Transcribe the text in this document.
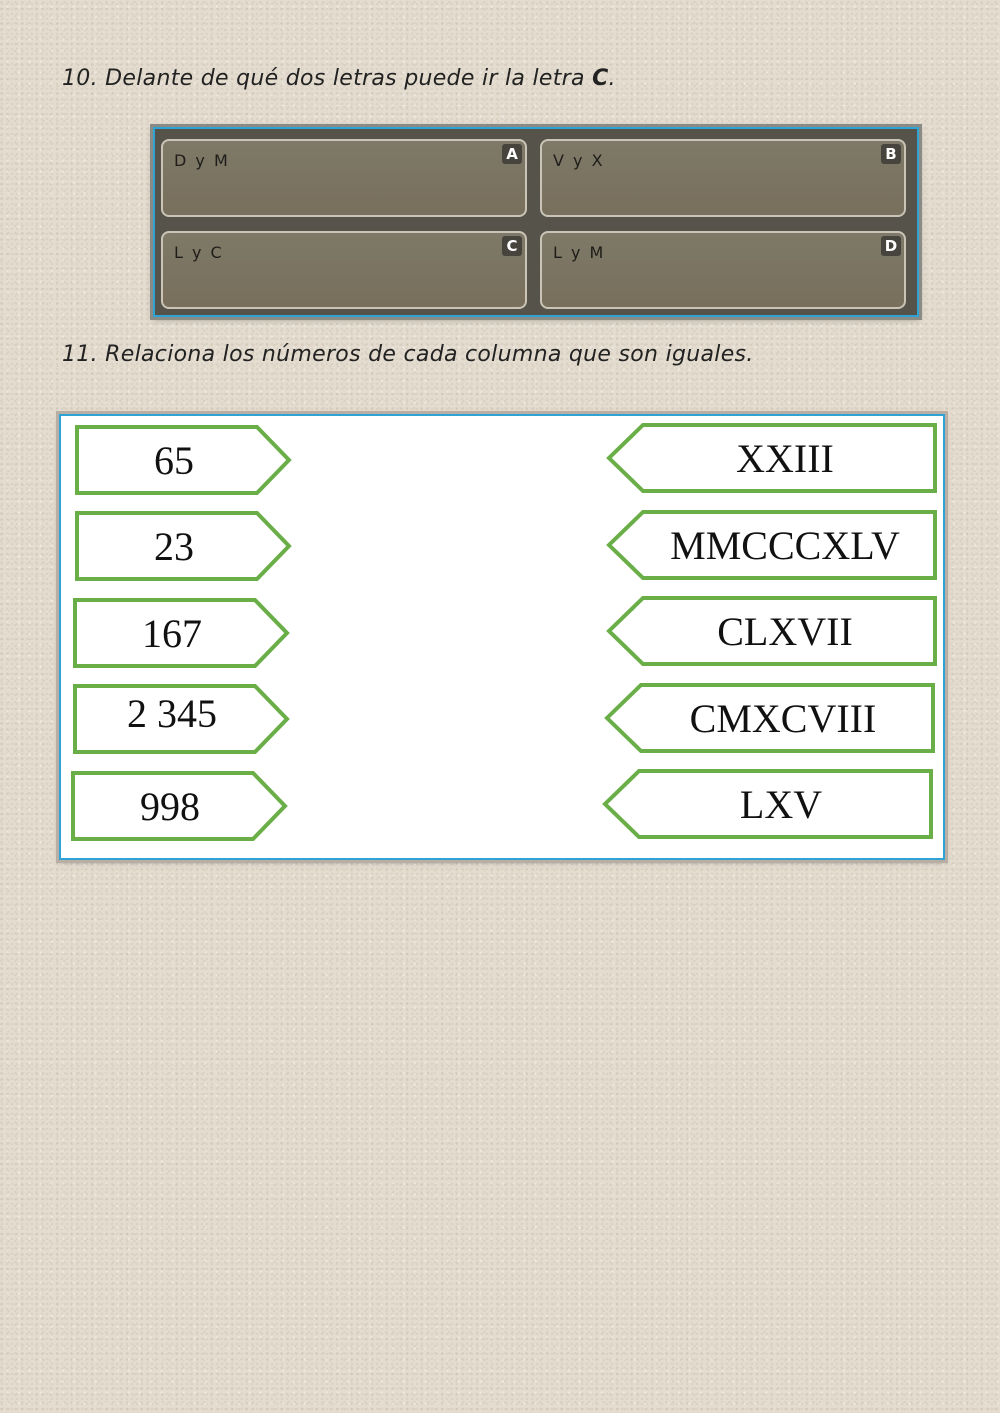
10. Delante de qué dos letras puede ir la letra C.

D y M	A V y X	B
L y C	C L y M	D

11. Relaciona los números de cada columna que son iguales.

65
23
167
2 345
998
XXIII
MMCCCXLV
CLXVII
CMXCVIII
LXV
